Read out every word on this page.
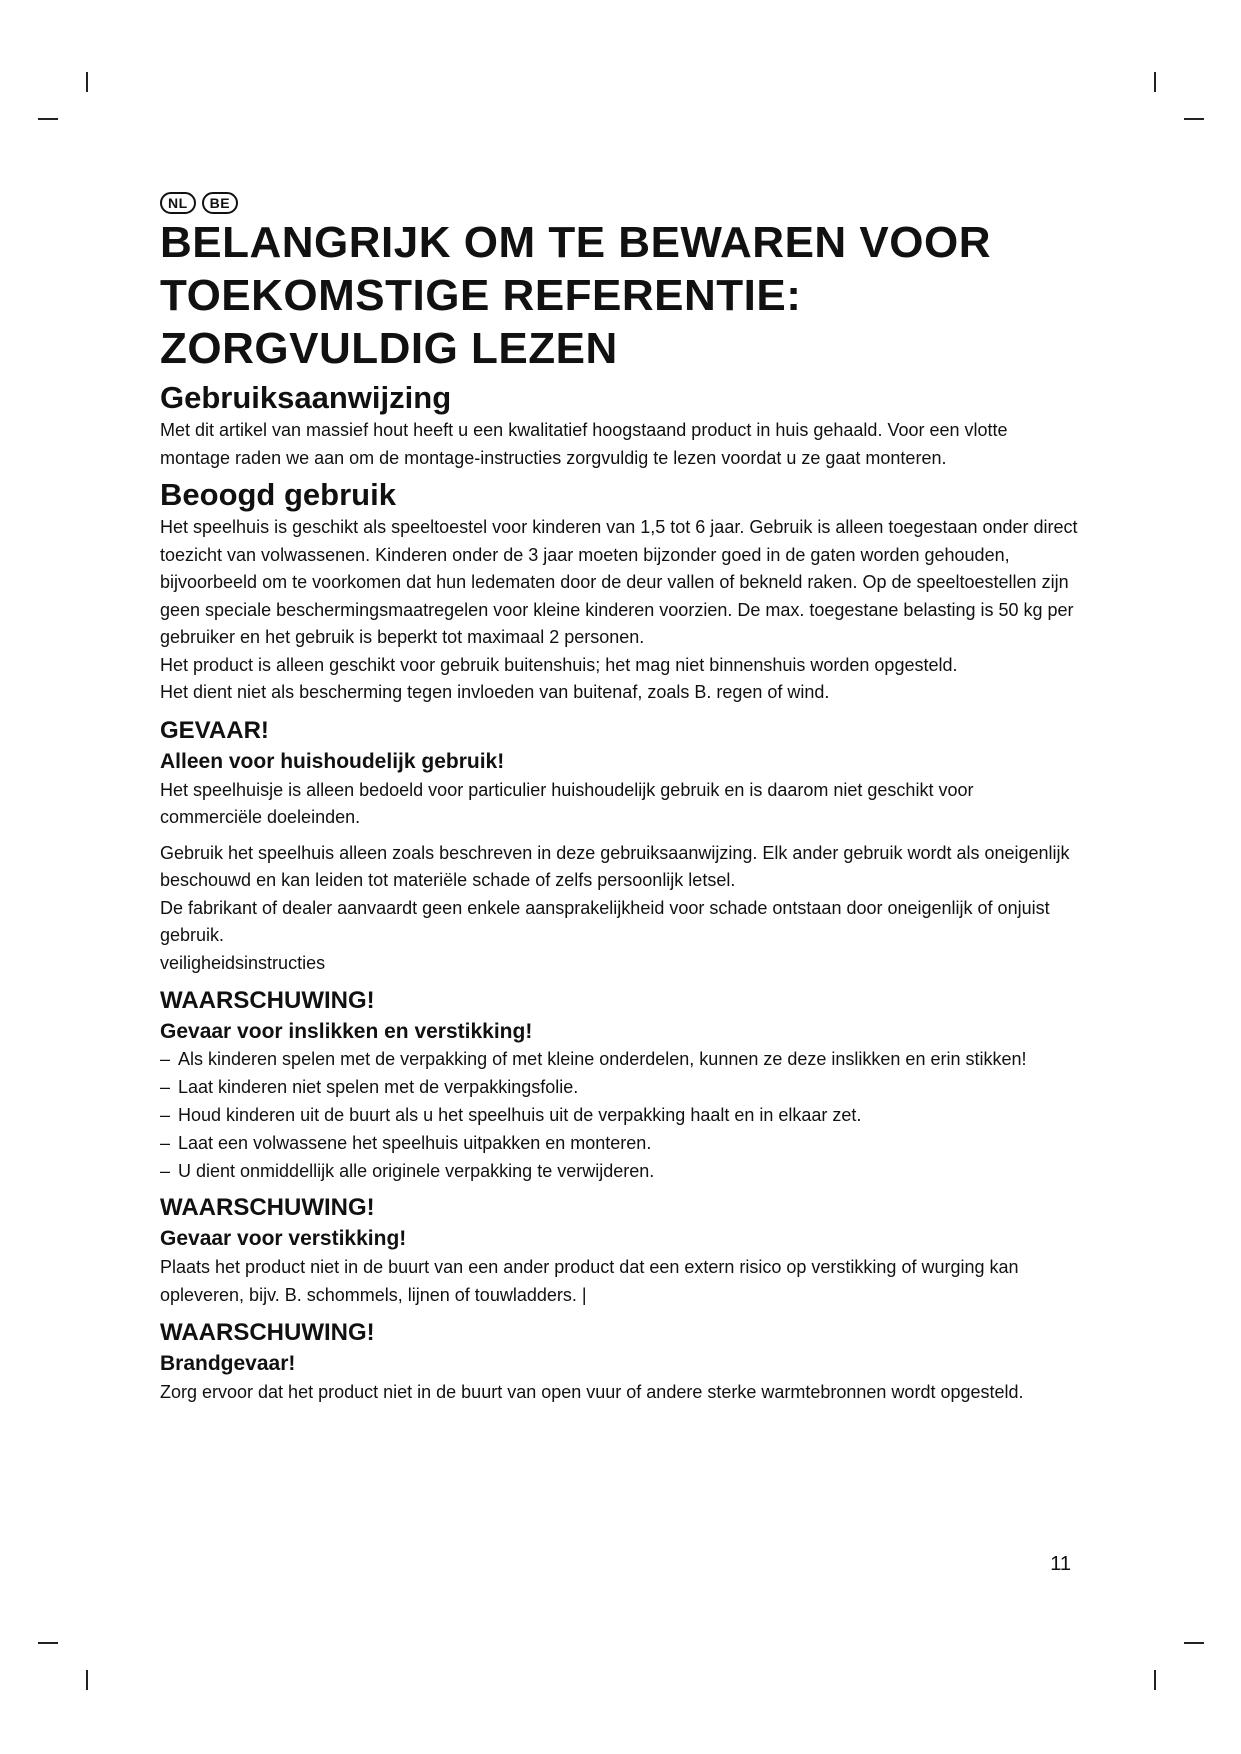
NL	BE
BELANGRIJK OM TE BEWAREN VOOR TOEKOMSTIGE REFERENTIE: ZORGVULDIG LEZEN
Gebruiksaanwijzing

Met dit artikel van massief hout heeft u een kwalitatief hoogstaand product in huis gehaald. Voor een vlotte montage raden we aan om de montage-instructies zorgvuldig te lezen voordat u ze gaat monteren.

Beoogd gebruik

Het speelhuis is geschikt als speeltoestel voor kinderen van 1,5 tot 6 jaar. Gebruik is alleen toegestaan onder direct toezicht van volwassenen. Kinderen onder de 3 jaar moeten bijzonder goed in de gaten worden gehouden, bijvoorbeeld om te voorkomen dat hun ledematen door de deur vallen of bekneld raken. Op de speeltoestellen zijn geen speciale beschermingsmaatregelen voor kleine kinderen voorzien. De max. toegestane belasting is 50 kg per gebruiker en het gebruik is beperkt tot maximaal 2 personen.

Het product is alleen geschikt voor gebruik buitenshuis; het mag niet binnenshuis worden opgesteld.

Het dient niet als bescherming tegen invloeden van buitenaf, zoals B. regen of wind.

GEVAAR!
Alleen voor huishoudelijk gebruik!

Het speelhuisje is alleen bedoeld voor particulier huishoudelijk gebruik en is daarom niet geschikt voor commerciële doeleinden.

Gebruik het speelhuis alleen zoals beschreven in deze gebruiksaanwijzing. Elk ander gebruik wordt als oneigenlijk beschouwd en kan leiden tot materiële schade of zelfs persoonlijk letsel.

De fabrikant of dealer aanvaardt geen enkele aansprakelijkheid voor schade ontstaan door oneigenlijk of onjuist gebruik.

veiligheidsinstructies

WAARSCHUWING!
Gevaar voor inslikken en verstikking!
– Als kinderen spelen met de verpakking of met kleine onderdelen, kunnen ze deze inslikken en erin stikken!
– Laat kinderen niet spelen met de verpakkingsfolie.
– Houd kinderen uit de buurt als u het speelhuis uit de verpakking haalt en in elkaar zet.
– Laat een volwassene het speelhuis uitpakken en monteren.
– U dient onmiddellijk alle originele verpakking te verwijderen.
WAARSCHUWING!
Gevaar voor verstikking!

Plaats het product niet in de buurt van een ander product dat een extern risico op verstikking of wurging kan opleveren, bijv. B. schommels, lijnen of touwladders. |

WAARSCHUWING!
Brandgevaar!

Zorg ervoor dat het product niet in de buurt van open vuur of andere sterke warmtebronnen wordt opgesteld.

11
